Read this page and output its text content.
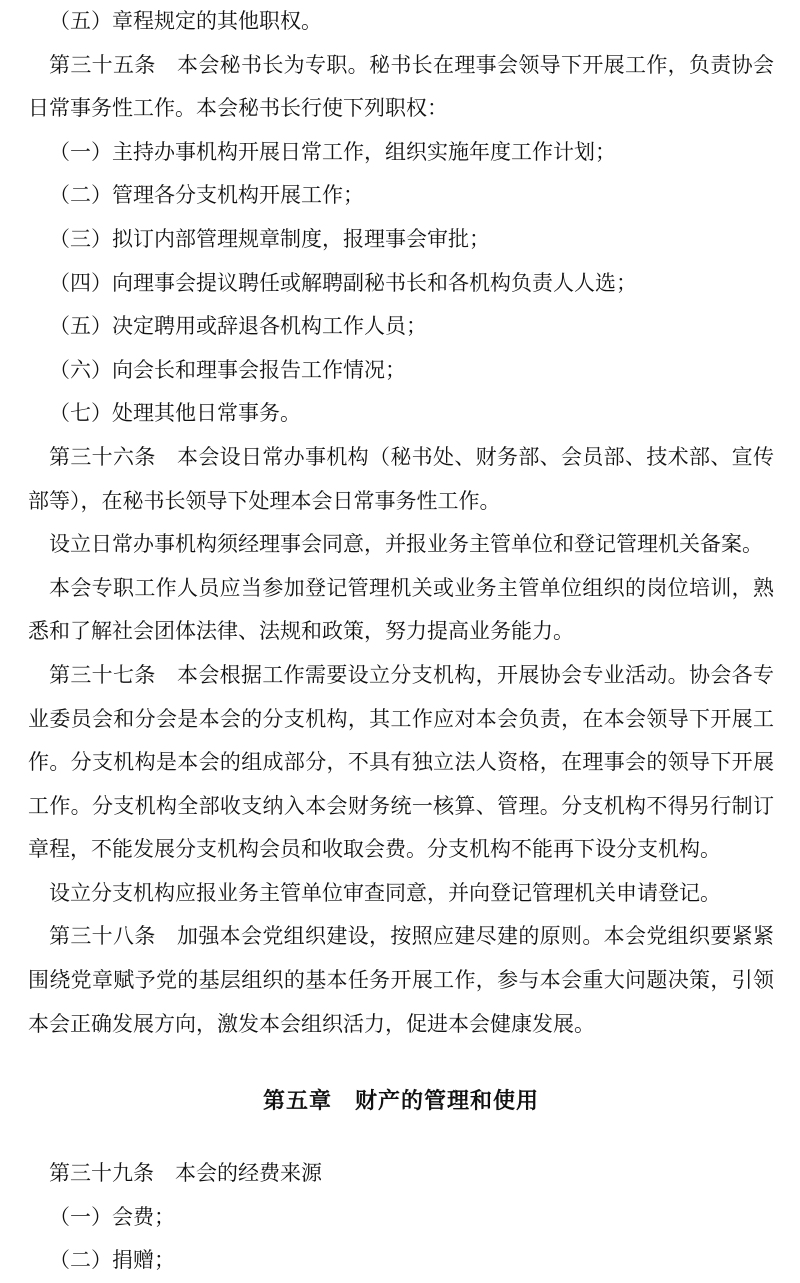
（五）章程规定的其他职权。

第三十五条　本会秘书长为专职。秘书长在理事会领导下开展工作，负责协会日常事务性工作。本会秘书长行使下列职权：

（一）主持办事机构开展日常工作，组织实施年度工作计划；

（二）管理各分支机构开展工作；

（三）拟订内部管理规章制度，报理事会审批；

（四）向理事会提议聘任或解聘副秘书长和各机构负责人人选；

（五）决定聘用或辞退各机构工作人员；

（六）向会长和理事会报告工作情况；

（七）处理其他日常事务。

第三十六条　本会设日常办事机构（秘书处、财务部、会员部、技术部、宣传部等），在秘书长领导下处理本会日常事务性工作。

设立日常办事机构须经理事会同意，并报业务主管单位和登记管理机关备案。

本会专职工作人员应当参加登记管理机关或业务主管单位组织的岗位培训，熟悉和了解社会团体法律、法规和政策，努力提高业务能力。

第三十七条　本会根据工作需要设立分支机构，开展协会专业活动。协会各专业委员会和分会是本会的分支机构，其工作应对本会负责，在本会领导下开展工作。分支机构是本会的组成部分，不具有独立法人资格，在理事会的领导下开展工作。分支机构全部收支纳入本会财务统一核算、管理。分支机构不得另行制订章程，不能发展分支机构会员和收取会费。分支机构不能再下设分支机构。

设立分支机构应报业务主管单位审查同意，并向登记管理机关申请登记。

第三十八条　加强本会党组织建设，按照应建尽建的原则。本会党组织要紧紧围绕党章赋予党的基层组织的基本任务开展工作，参与本会重大问题决策，引领本会正确发展方向，激发本会组织活力，促进本会健康发展。

第五章　财产的管理和使用

第三十九条　本会的经费来源

（一）会费；

（二）捐赠；
